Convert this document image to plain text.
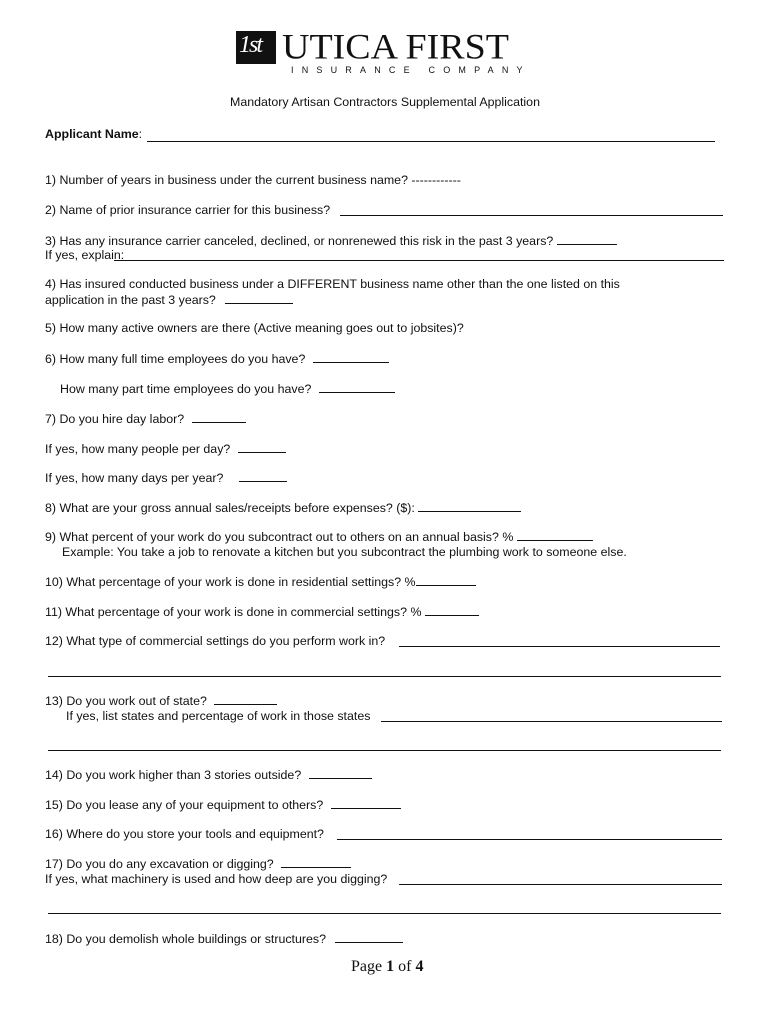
1st UTICA FIRST
INSURANCE COMPANY
Mandatory Artisan Contractors Supplemental Application
Applicant Name:
1) Number of years in business under the current business name? ------------
2) Name of prior insurance carrier for this business?
3) Has any insurance carrier canceled, declined, or nonrenewed this risk in the past 3 years?
If yes, explain:
4) Has insured conducted business under a DIFFERENT business name other than the one listed on this
application in the past 3 years?
5) How many active owners are there (Active meaning goes out to jobsites)?
6) How many full time employees do you have?
How many part time employees do you have?
7) Do you hire day labor?
If yes, how many people per day?
If yes, how many days per year?
8) What are your gross annual sales/receipts before expenses? ($):
9) What percent of your work do you subcontract out to others on an annual basis? %
Example: You take a job to renovate a kitchen but you subcontract the plumbing work to someone else.
10) What percentage of your work is done in residential settings? %
11) What percentage of your work is done in commercial settings? %
12) What type of commercial settings do you perform work in?
13) Do you work out of state?
If yes, list states and percentage of work in those states
14) Do you work higher than 3 stories outside?
15) Do you lease any of your equipment to others?
16) Where do you store your tools and equipment?
17) Do you do any excavation or digging?
If yes, what machinery is used and how deep are you digging?
18) Do you demolish whole buildings or structures?
Page 1 of 4
